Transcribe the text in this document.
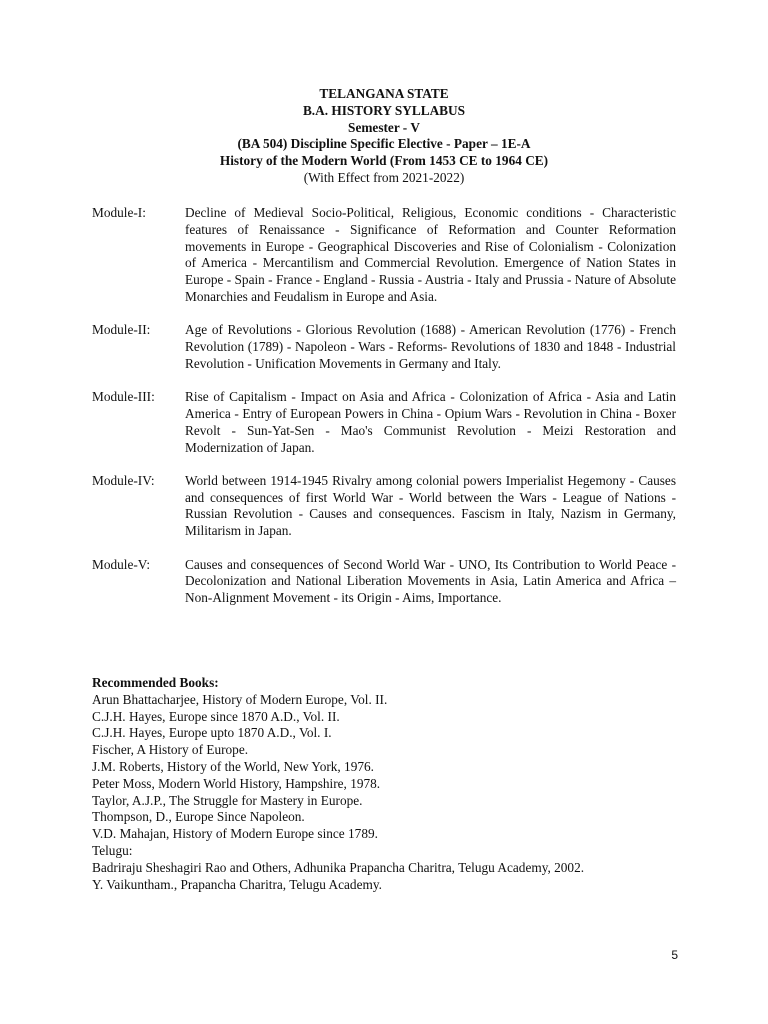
TELANGANA STATE
B.A. HISTORY SYLLABUS
Semester - V
(BA 504) Discipline Specific Elective - Paper – 1E-A
History of the Modern World (From 1453 CE to 1964 CE)
(With Effect from 2021-2022)
Module-I:	Decline of Medieval Socio-Political, Religious, Economic conditions - Characteristic features of Renaissance - Significance of Reformation and Counter Reformation movements in Europe - Geographical Discoveries and Rise of Colonialism - Colonization of America - Mercantilism and Commercial Revolution. Emergence of Nation States in Europe - Spain - France - England - Russia - Austria - Italy and Prussia - Nature of Absolute Monarchies and Feudalism in Europe and Asia.
Module-II:	Age of Revolutions - Glorious Revolution (1688) - American Revolution (1776) - French Revolution (1789) - Napoleon - Wars - Reforms- Revolutions of 1830 and 1848 - Industrial Revolution - Unification Movements in Germany and Italy.
Module-III:	Rise of Capitalism - Impact on Asia and Africa - Colonization of Africa - Asia and Latin America - Entry of European Powers in China - Opium Wars - Revolution in China - Boxer Revolt - Sun-Yat-Sen - Mao's Communist Revolution - Meizi Restoration and Modernization of Japan.
Module-IV:	World between 1914-1945 Rivalry among colonial powers Imperialist Hegemony - Causes and consequences of first World War - World between the Wars - League of Nations - Russian Revolution - Causes and consequences. Fascism in Italy, Nazism in Germany, Militarism in Japan.
Module-V:	Causes and consequences of Second World War - UNO, Its Contribution to World Peace - Decolonization and National Liberation Movements in Asia, Latin America and Africa – Non-Alignment Movement - its Origin - Aims, Importance.
Recommended Books:
Arun Bhattacharjee, History of Modern Europe, Vol. II.
C.J.H. Hayes, Europe since 1870 A.D., Vol. II.
C.J.H. Hayes, Europe upto 1870 A.D., Vol. I.
Fischer, A History of Europe.
J.M. Roberts, History of the World, New York, 1976.
Peter Moss, Modern World History, Hampshire, 1978.
Taylor, A.J.P., The Struggle for Mastery in Europe.
Thompson, D., Europe Since Napoleon.
V.D. Mahajan, History of Modern Europe since 1789.
Telugu:
Badriraju Sheshagiri Rao and Others, Adhunika Prapancha Charitra, Telugu Academy, 2002.
Y. Vaikuntham., Prapancha Charitra, Telugu Academy.
5
